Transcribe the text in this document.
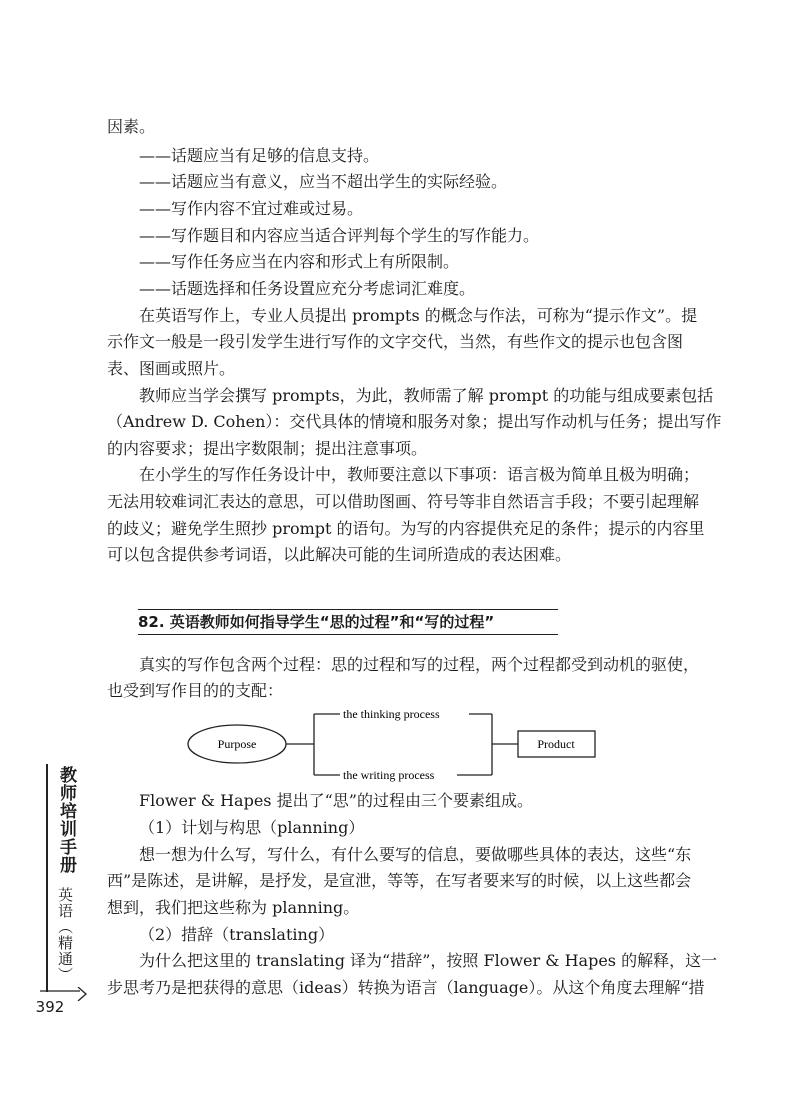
因素。
——话题应当有足够的信息支持。
——话题应当有意义，应当不超出学生的实际经验。
——写作内容不宜过难或过易。
——写作题目和内容应当适合评判每个学生的写作能力。
——写作任务应当在内容和形式上有所限制。
——话题选择和任务设置应充分考虑词汇难度。
在英语写作上，专业人员提出 prompts 的概念与作法，可称为“提示作文”。提
示作文一般是一段引发学生进行写作的文字交代，当然，有些作文的提示也包含图
表、图画或照片。
教师应当学会撰写 prompts，为此，教师需了解 prompt 的功能与组成要素包括
（Andrew D. Cohen）：交代具体的情境和服务对象；提出写作动机与任务；提出写作
的内容要求；提出字数限制；提出注意事项。
在小学生的写作任务设计中，教师要注意以下事项：语言极为简单且极为明确；
无法用较难词汇表达的意思，可以借助图画、符号等非自然语言手段；不要引起理解
的歧义；避免学生照抄 prompt 的语句。为写的内容提供充足的条件；提示的内容里
可以包含提供参考词语，以此解决可能的生词所造成的表达困难。
82. 英语教师如何指导学生“思的过程”和“写的过程”
真实的写作包含两个过程：思的过程和写的过程，两个过程都受到动机的驱使，
也受到写作目的的支配：
Purpose
the thinking process
the writing process
Product
Flower & Hapes 提出了“思”的过程由三个要素组成。
（1）计划与构思（planning）
想一想为什么写，写什么，有什么要写的信息，要做哪些具体的表达，这些“东
西”是陈述，是讲解，是抒发，是宣泄，等等，在写者要来写的时候，以上这些都会
想到，我们把这些称为 planning。
（2）措辞（translating）
为什么把这里的 translating 译为“措辞”，按照 Flower & Hapes 的解释，这一
步思考乃是把获得的意思（ideas）转换为语言（language）。从这个角度去理解“措
教师培训手册
英语（精通）
392
